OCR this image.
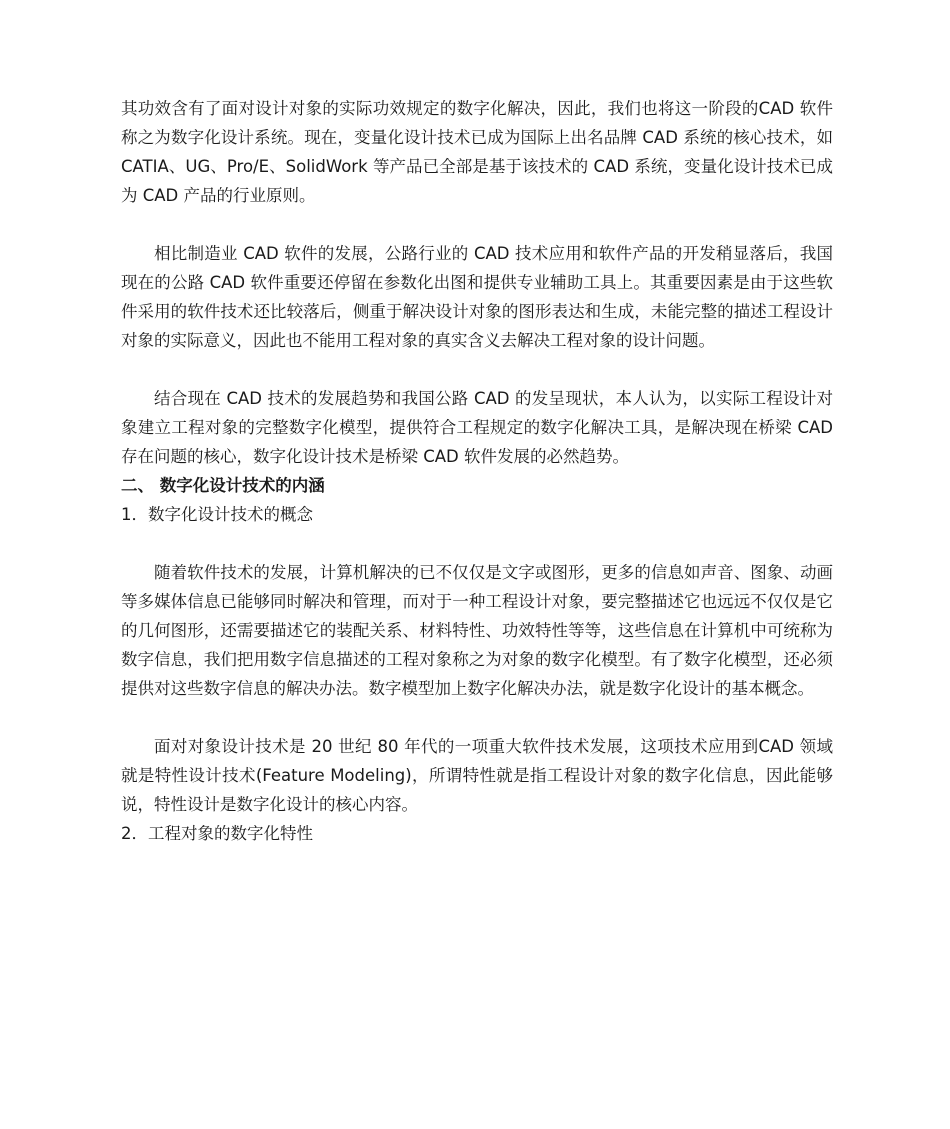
其功效含有了面对设计对象的实际功效规定的数字化解决，因此，我们也将这一阶段的CAD 软件称之为数字化设计系统。现在，变量化设计技术已成为国际上出名品牌 CAD 系统的核心技术，如 CATIA、UG、Pro/E、SolidWork 等产品已全部是基于该技术的 CAD 系统，变量化设计技术已成为 CAD 产品的行业原则。

相比制造业 CAD 软件的发展，公路行业的 CAD 技术应用和软件产品的开发稍显落后，我国现在的公路 CAD 软件重要还停留在参数化出图和提供专业辅助工具上。其重要因素是由于这些软件采用的软件技术还比较落后，侧重于解决设计对象的图形表达和生成，未能完整的描述工程设计对象的实际意义，因此也不能用工程对象的真实含义去解决工程对象的设计问题。

结合现在 CAD 技术的发展趋势和我国公路 CAD 的发呈现状，本人认为，以实际工程设计对象建立工程对象的完整数字化模型，提供符合工程规定的数字化解决工具，是解决现在桥梁 CAD 存在问题的核心，数字化设计技术是桥梁 CAD 软件发展的必然趋势。

二、 数字化设计技术的内涵
1．数字化设计技术的概念

随着软件技术的发展，计算机解决的已不仅仅是文字或图形，更多的信息如声音、图象、动画等多媒体信息已能够同时解决和管理，而对于一种工程设计对象，要完整描述它也远远不仅仅是它的几何图形，还需要描述它的装配关系、材料特性、功效特性等等，这些信息在计算机中可统称为数字信息，我们把用数字信息描述的工程对象称之为对象的数字化模型。有了数字化模型，还必须提供对这些数字信息的解决办法。数字模型加上数字化解决办法，就是数字化设计的基本概念。

面对对象设计技术是 20 世纪 80 年代的一项重大软件技术发展，这项技术应用到CAD 领域就是特性设计技术(Feature Modeling)，所谓特性就是指工程设计对象的数字化信息，因此能够说，特性设计是数字化设计的核心内容。

2．工程对象的数字化特性
